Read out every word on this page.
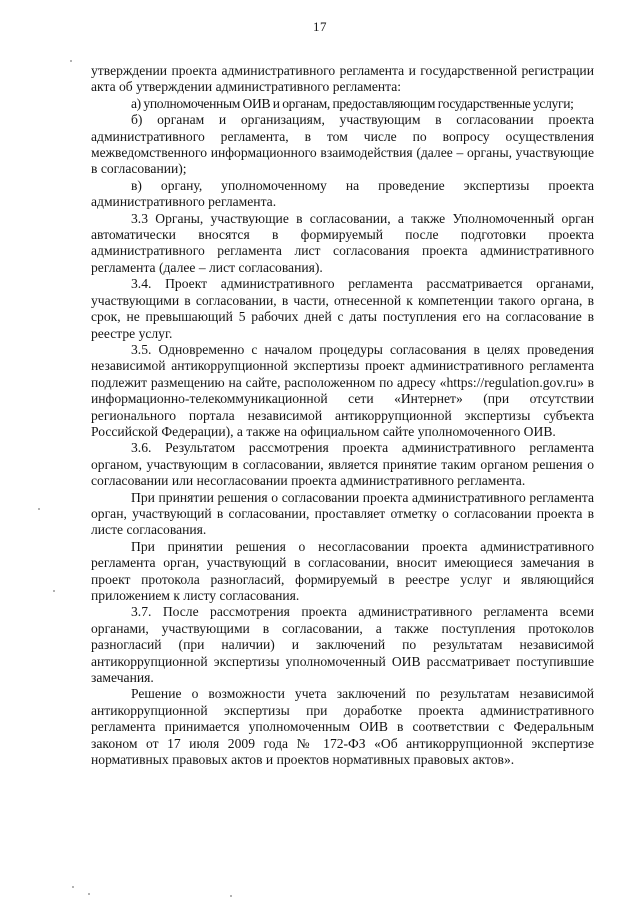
17

утверждении проекта административного регламента и государственной регистрации акта об утверждении административного регламента:

а) уполномоченным ОИВ и органам, предоставляющим государственные услуги;

б) органам и организациям, участвующим в согласовании проекта административного регламента, в том числе по вопросу осуществления межведомственного информационного взаимодействия (далее – органы, участвующие в согласовании);

в) органу, уполномоченному на проведение экспертизы проекта административного регламента.

3.3 Органы, участвующие в согласовании, а также Уполномоченный орган автоматически вносятся в формируемый после подготовки проекта административного регламента лист согласования проекта административного регламента (далее – лист согласования).

3.4. Проект административного регламента рассматривается органами, участвующими в согласовании, в части, отнесенной к компетенции такого органа, в срок, не превышающий 5 рабочих дней с даты поступления его на согласование в реестре услуг.

3.5. Одновременно с началом процедуры согласования в целях проведения независимой антикоррупционной экспертизы проект административного регламента подлежит размещению на сайте, расположенном по адресу «https://regulation.gov.ru» в информационно-телекоммуникационной сети «Интернет» (при отсутствии регионального портала независимой антикоррупционной экспертизы субъекта Российской Федерации), а также на официальном сайте уполномоченного ОИВ.

3.6. Результатом рассмотрения проекта административного регламента органом, участвующим в согласовании, является принятие таким органом решения о согласовании или несогласовании проекта административного регламента.

При принятии решения о согласовании проекта административного регламента орган, участвующий в согласовании, проставляет отметку о согласовании проекта в листе согласования.

При принятии решения о несогласовании проекта административного регламента орган, участвующий в согласовании, вносит имеющиеся замечания в проект протокола разногласий, формируемый в реестре услуг и являющийся приложением к листу согласования.

3.7. После рассмотрения проекта административного регламента всеми органами, участвующими в согласовании, а также поступления протоколов разногласий (при наличии) и заключений по результатам независимой антикоррупционной экспертизы уполномоченный ОИВ рассматривает поступившие замечания.

Решение о возможности учета заключений по результатам независимой антикоррупционной экспертизы при доработке проекта административного регламента принимается уполномоченным ОИВ в соответствии с Федеральным законом от 17 июля 2009 года № 172-ФЗ «Об антикоррупционной экспертизе нормативных правовых актов и проектов нормативных правовых актов».
